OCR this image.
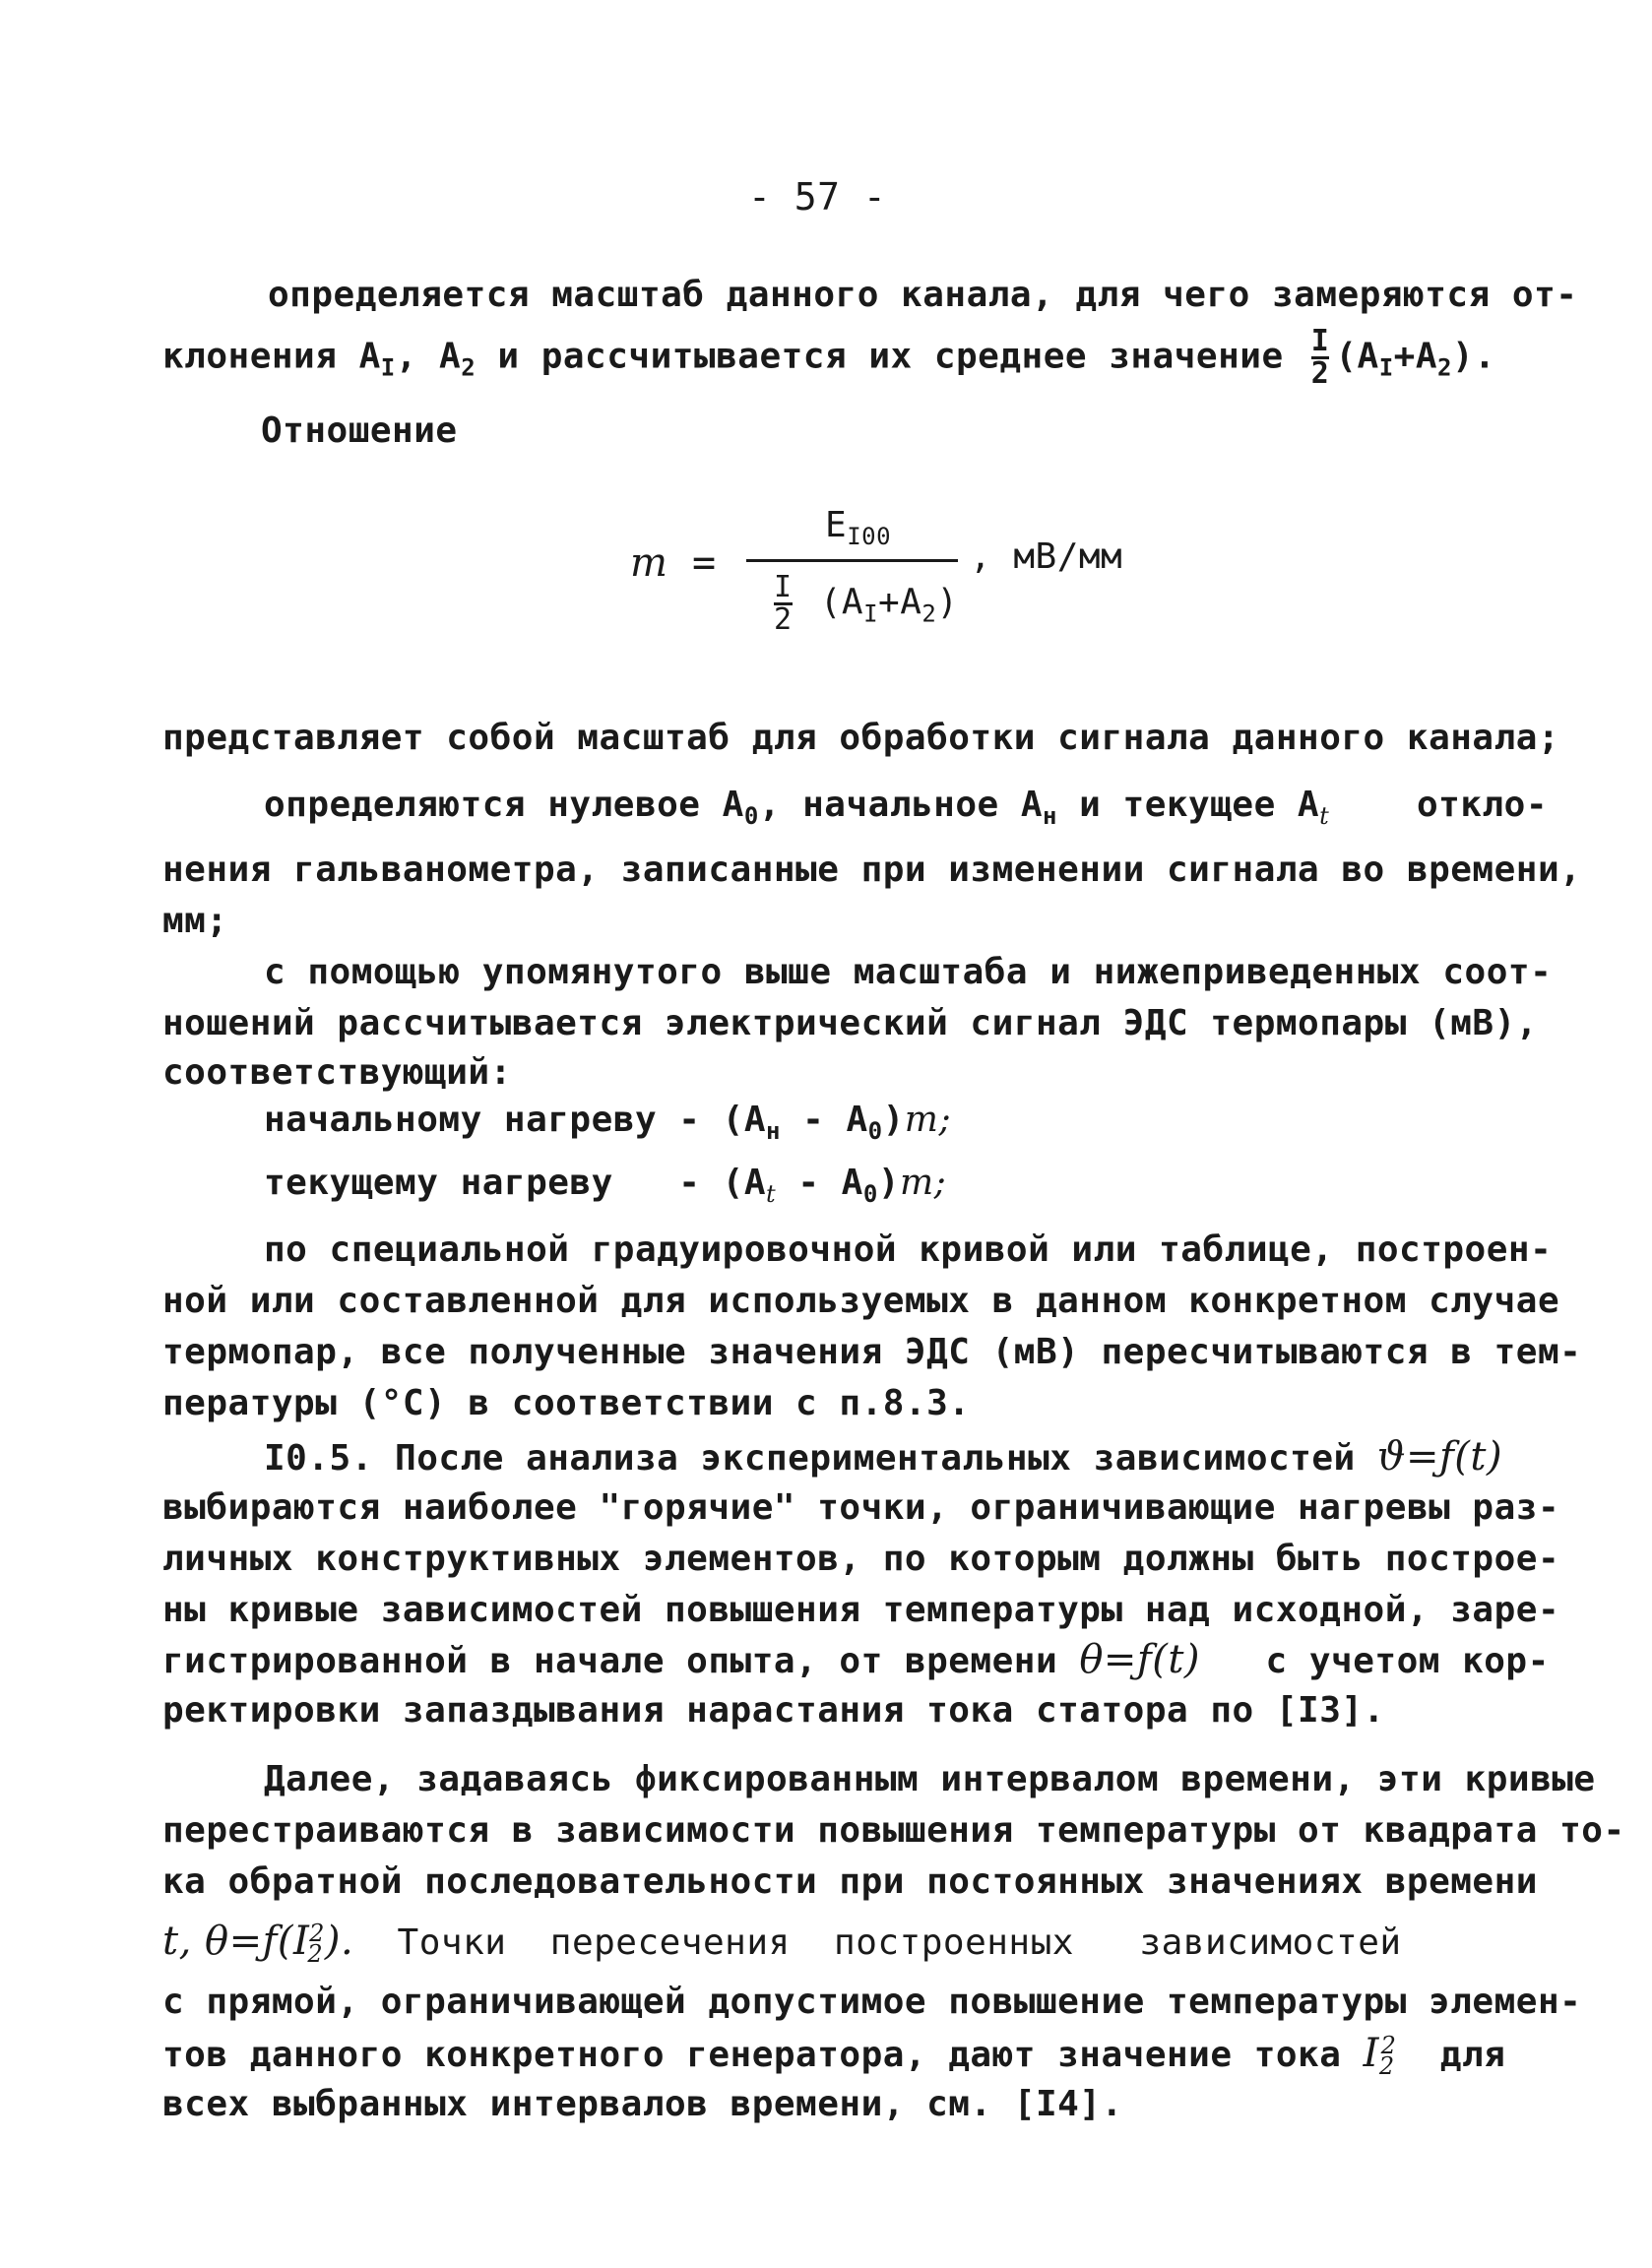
- 57 -
определяется масштаб данного канала, для чего замеряются от-
клонения $А_I$, $А_2$ и рассчитывается их среднее значение $\frac{I}{2} (А_I+А_2)$.
Отношение
m =
$E_{I00}$
$\frac{I}{2} (А_I+А_2)$
, мВ/мм
представляет собой масштаб для обработки сигнала данного канала;
определяются нулевое $А_0$, начальное $А_н$ и текущее $А_t$    откло-
нения гальванометра, записанные при изменении сигнала во времени,
мм;
с помощью упомянутого выше масштаба и нижеприведенных соот-
ношений рассчитывается электрический сигнал ЭДС термопары (мВ),
соответствующий:
начальному нагреву - $(А_н - А_0)m$;
текущему нагреву   - $(А_t - А_0)m$;
по специальной градуировочной кривой или таблице, построен-
ной или составленной для используемых в данном конкретном случае
термопар, все полученные значения ЭДС (мВ) пересчитываются в тем-
пературы (°C) в соответствии с п.8.3.
I0.5. После анализа экспериментальных зависимостей ϑ=ƒ(t)
выбираются наиболее "горячие" точки, ограничивающие нагревы раз-
личных конструктивных элементов, по которым должны быть построе-
ны кривые зависимостей повышения температуры над исходной, заре-
гистрированной в начале опыта, от времени θ=ƒ(t)   с учетом кор-
ректировки запаздывания нарастания тока статора по [I3].
Далее, задаваясь фиксированным интервалом времени, эти кривые
перестраиваются в зависимости повышения температуры от квадрата то-
ка обратной последовательности при постоянных значениях времени
t, $\theta=ƒ(I_2^2)$.  Точки  пересечения  построенных   зависимостей
с прямой, ограничивающей допустимое повышение температуры элемен-
тов данного конкретного генератора, дают значение тока $I_2^2$  для
всех выбранных интервалов времени, см. [I4].
